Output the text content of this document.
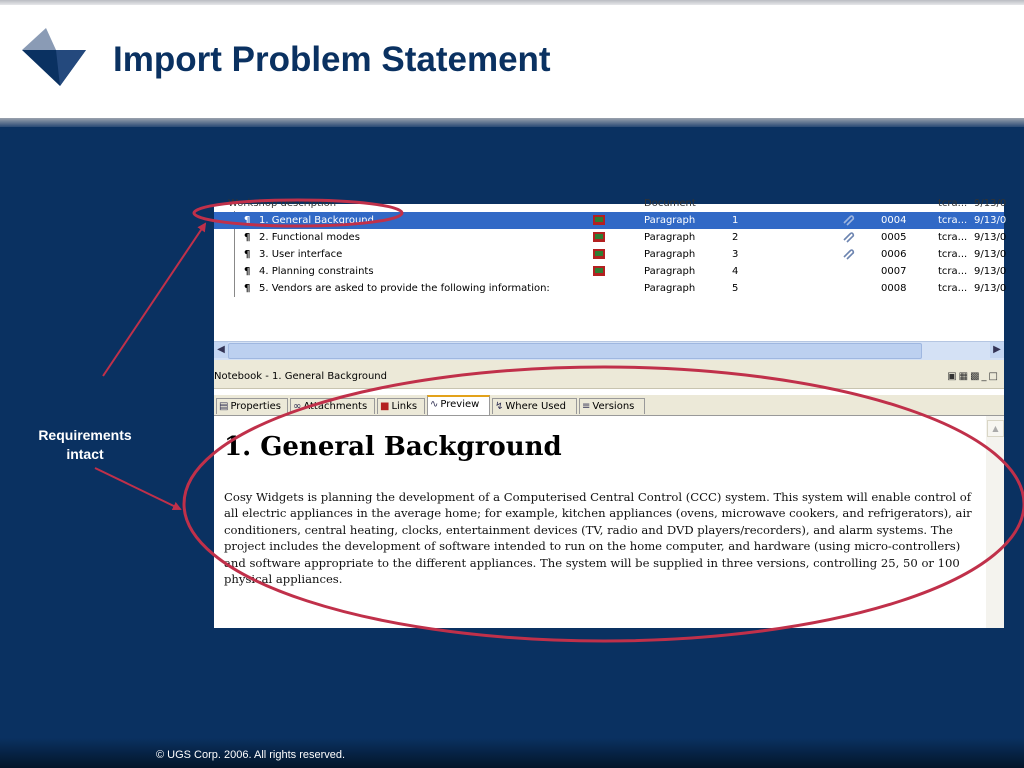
Import Problem Statement
Workshop description	Document	tcra... 9/13/0
¶ 1. General Background	Paragraph	1	0004	tcra... 9/13/0
¶ 2. Functional modes	Paragraph	2	0005	tcra... 9/13/0
¶ 3. User interface	Paragraph	3	0006	tcra... 9/13/0
¶ 4. Planning constraints	Paragraph	4	0007	tcra... 9/13/0
¶ 5. Vendors are asked to provide the following information:	Paragraph	5	0008	tcra... 9/13/0
◀	▶
Notebook - 1. General Background	▣▦▩_□
▤ Properties	∞ Attachments	■ Links	∿ Preview	↯ Where Used	≡ Versions
1. General Background
Cosy Widgets is planning the development of a Computerised Central Control (CCC) system. This system will enable control of all electric appliances in the average home; for example, kitchen appliances (ovens, microwave cookers, and refrigerators), air conditioners, central heating, clocks, entertainment devices (TV, radio and DVD players/recorders), and alarm systems. The project includes the development of software intended to run on the home computer, and hardware (using micro-controllers) and software appropriate to the different appliances. The system will be supplied in three versions, controlling 25, 50 or 100 physical appliances.
▲
Requirements
intact
© UGS Corp. 2006. All rights reserved.
